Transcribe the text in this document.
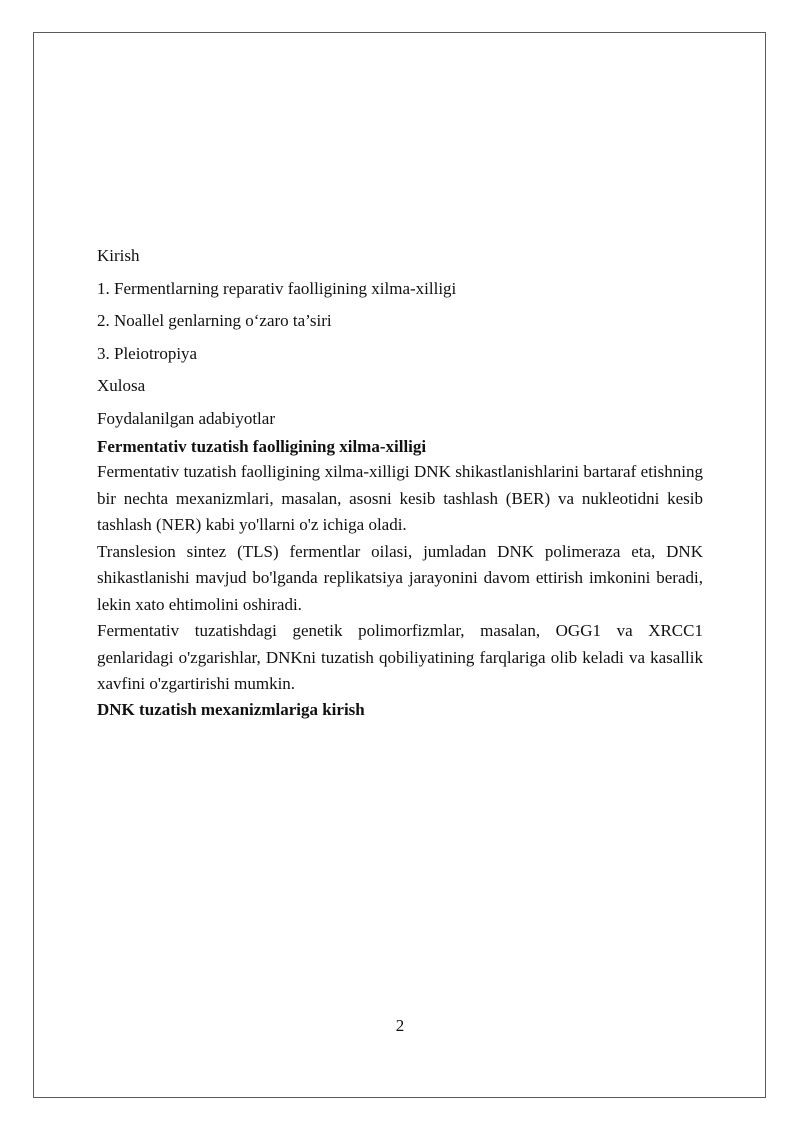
Kirish
1. Fermentlarning reparativ faolligining xilma-xilligi
2. Noallel genlarning o‘zaro ta’siri
3. Pleiotropiya
Xulosa
Foydalanilgan adabiyotlar
Fermentativ tuzatish faolligining xilma-xilligi

Fermentativ tuzatish faolligining xilma-xilligi DNK shikastlanishlarini bartaraf etishning bir nechta mexanizmlari, masalan, asosni kesib tashlash (BER) va nukleotidni kesib tashlash (NER) kabi yo'llarni o'z ichiga oladi.

Translesion sintez (TLS) fermentlar oilasi, jumladan DNK polimeraza eta, DNK shikastlanishi mavjud bo'lganda replikatsiya jarayonini davom ettirish imkonini beradi, lekin xato ehtimolini oshiradi.

Fermentativ tuzatishdagi genetik polimorfizmlar, masalan, OGG1 va XRCC1 genlaridagi o'zgarishlar, DNKni tuzatish qobiliyatining farqlariga olib keladi va kasallik xavfini o'zgartirishi mumkin.

DNK tuzatish mexanizmlariga kirish
2
